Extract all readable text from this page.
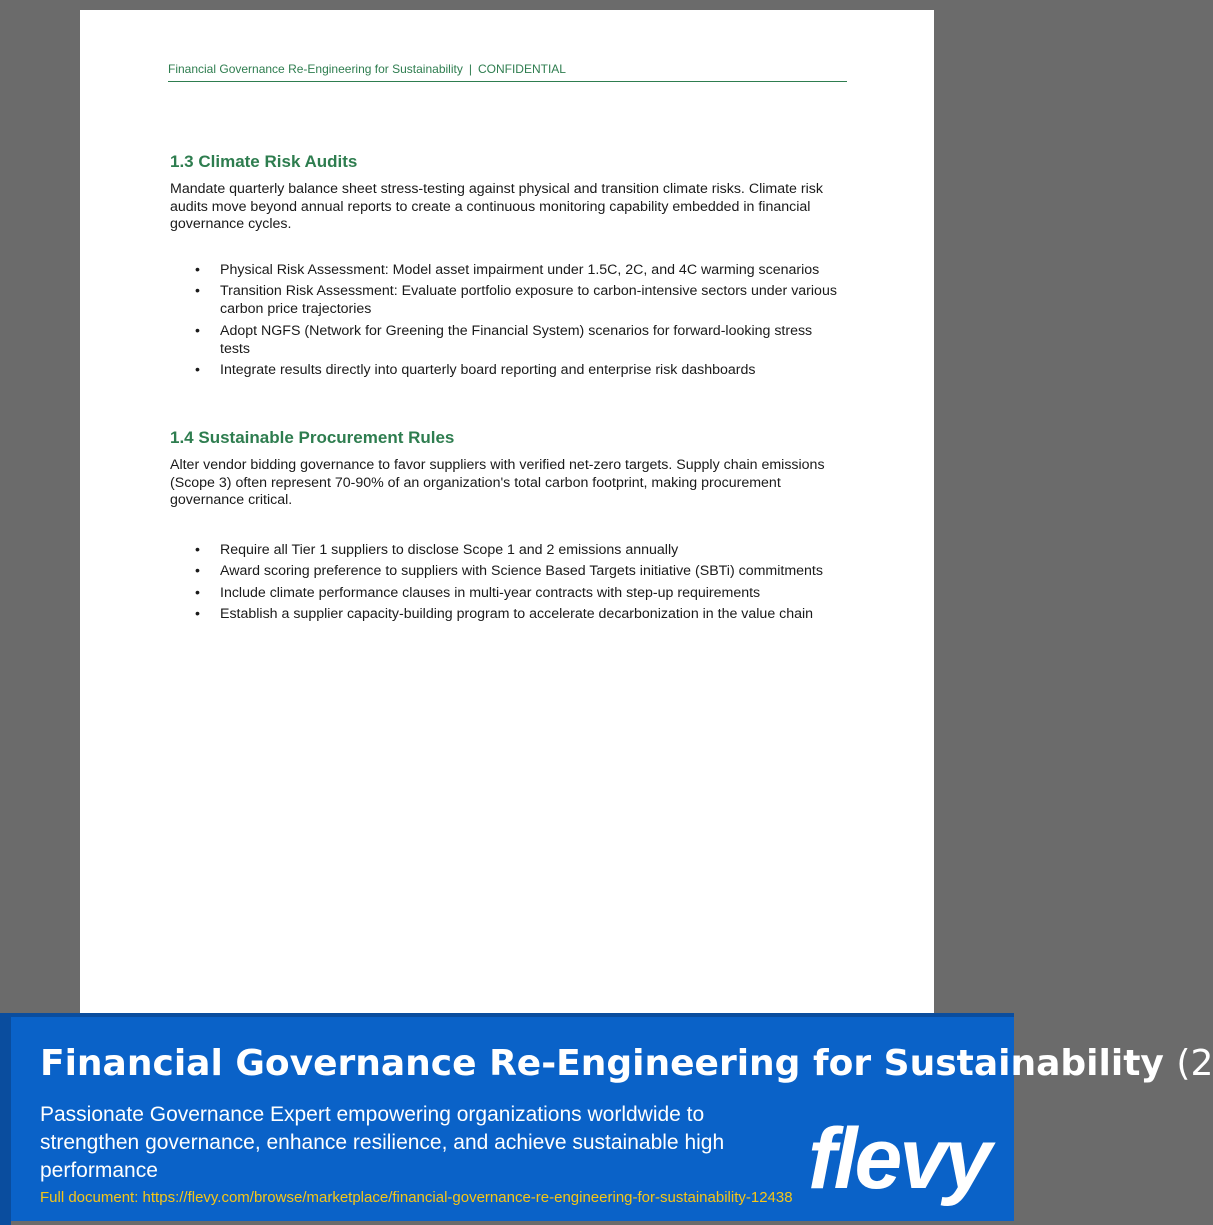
Financial Governance Re-Engineering for Sustainability | CONFIDENTIAL
1.3 Climate Risk Audits

Mandate quarterly balance sheet stress-testing against physical and transition climate risks. Climate risk audits move beyond annual reports to create a continuous monitoring capability embedded in financial governance cycles.

• Physical Risk Assessment: Model asset impairment under 1.5C, 2C, and 4C warming scenarios
• Transition Risk Assessment: Evaluate portfolio exposure to carbon-intensive sectors under various carbon price trajectories
• Adopt NGFS (Network for Greening the Financial System) scenarios for forward-looking stress tests
• Integrate results directly into quarterly board reporting and enterprise risk dashboards
1.4 Sustainable Procurement Rules

Alter vendor bidding governance to favor suppliers with verified net-zero targets. Supply chain emissions (Scope 3) often represent 70-90% of an organization's total carbon footprint, making procurement governance critical.

• Require all Tier 1 suppliers to disclose Scope 1 and 2 emissions annually
• Award scoring preference to suppliers with Science Based Targets initiative (SBTi) commitments
• Include climate performance clauses in multi-year contracts with step-up requirements
• Establish a supplier capacity-building program to accelerate decarbonization in the value chain
Financial Governance Re-Engineering for Sustainability (2
Passionate Governance Expert empowering organizations worldwide to strengthen governance, enhance resilience, and achieve sustainable high performance
Full document: https://flevy.com/browse/marketplace/financial-governance-re-engineering-for-sustainability-12438 flevy
